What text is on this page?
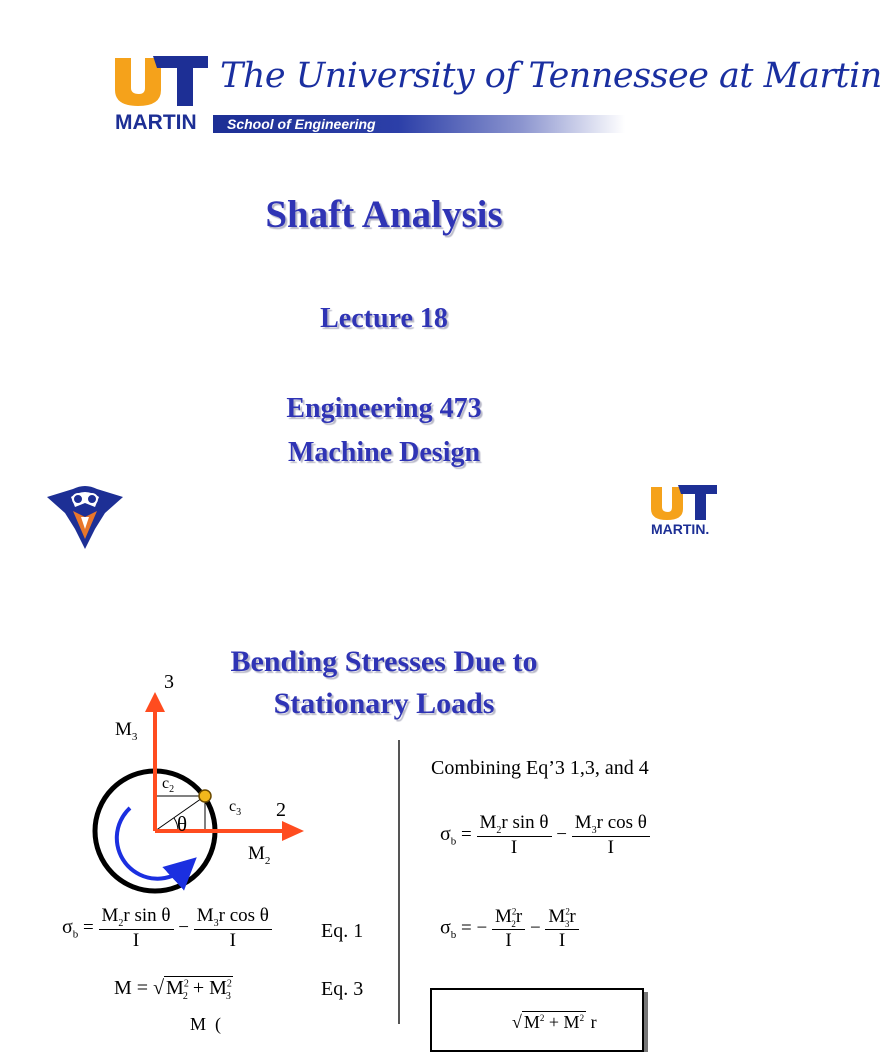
The University of Tennessee at Martin
MARTIN School of Engineering
Shaft Analysis
Lecture 18
Engineering 473
Machine Design
MARTIN.
Bending Stresses Due to
Stationary Loads
3
$M_3$
$c_2$
$c_3$
θ
2
$M_2$
$\sigma_b = \frac{M_2r \sin \theta}{I} - \frac{M_3r \cos \theta}{I} Eq$. 1
M = √ $M^2_2 + M^2_3$	Eq. 3
M  (
Combining Eq’3 1,3, and 4
$\sigma_b = \frac{M_2r \sin \theta}{I} - \frac{M_3r \cos \theta}{I}$
$\sigma_b$ = − $\frac{M^2_2r}{I} - \frac{M^2_3r}{I}$
√ $M^2 + M^2$ r
